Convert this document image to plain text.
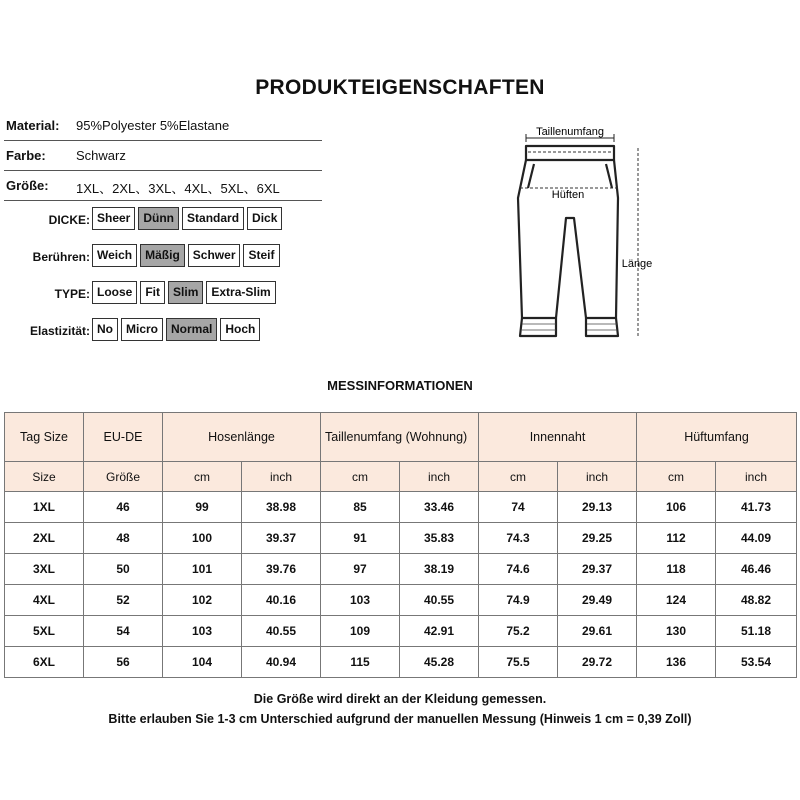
PRODUKTEIGENSCHAFTEN
Material: 95%Polyester 5%Elastane
Farbe: Schwarz
Größe: 1XL、2XL、3XL、4XL、5XL、6XL
DICKE: Sheer	Dünn	Standard	Dick
Berühren: Weich	Mäßig	Schwer	Steif
TYPE: Loose	Fit	Slim	Extra-Slim
Elastizität: No	Micro	Normal	Hoch
Taillenumfang
Hüften
Länge
MESSINFORMATIONEN
Tag Size	EU-DE	Hosenlänge		Taillenumfang (Wohnung)		Innennaht		Hüftumfang	
Size	Größe	cm	inch	cm	inch	cm	inch	cm	inch
1XL	46	99	38.98	85	33.46	74	29.13	106	41.73
2XL	48	100	39.37	91	35.83	74.3	29.25	112	44.09
3XL	50	101	39.76	97	38.19	74.6	29.37	118	46.46
4XL	52	102	40.16	103	40.55	74.9	29.49	124	48.82
5XL	54	103	40.55	109	42.91	75.2	29.61	130	51.18
6XL	56	104	40.94	115	45.28	75.5	29.72	136	53.54
Die Größe wird direkt an der Kleidung gemessen.
Bitte erlauben Sie 1-3 cm Unterschied aufgrund der manuellen Messung (Hinweis 1 cm = 0,39 Zoll)
